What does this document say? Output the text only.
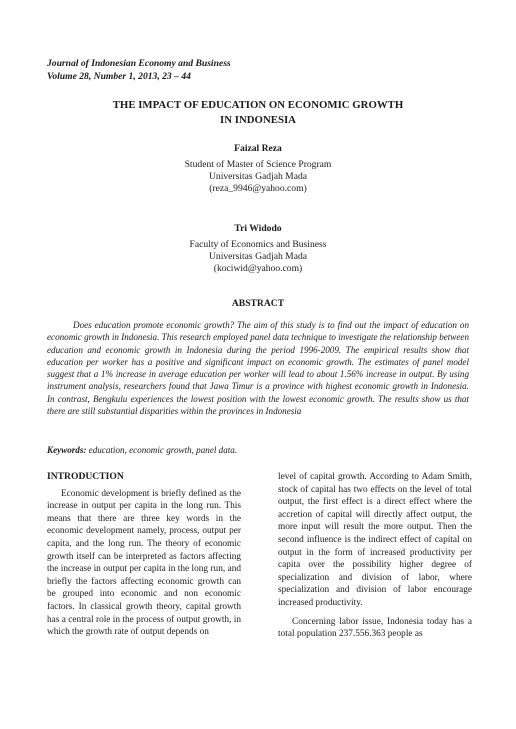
Journal of Indonesian Economy and Business
Volume 28, Number 1, 2013, 23 – 44
THE IMPACT OF EDUCATION ON ECONOMIC GROWTH
IN INDONESIA
Faizal Reza
Student of Master of Science Program
Universitas Gadjah Mada
(reza_9946@yahoo.com)
Tri Widodo
Faculty of Economics and Business
Universitas Gadjah Mada
(kociwid@yahoo.com)
ABSTRACT

Does education promote economic growth? The aim of this study is to find out the impact of education on economic growth in Indonesia. This research employed panel data technique to investigate the relationship between education and economic growth in Indonesia during the period 1996-2009. The empirical results show that education per worker has a positive and significant impact on economic growth. The estimates of panel model suggest that a 1% increase in average education per worker will lead to about 1.56% increase in output. By using instrument analysis, researchers found that Jawa Timur is a province with highest economic growth in Indonesia. In contrast, Bengkulu experiences the lowest position with the lowest economic growth. The results show us that there are still substantial disparities within the provinces in Indonesia

Keywords: education, economic growth, panel data.
INTRODUCTION

Economic development is briefly defined as the increase in output per capita in the long run. This means that there are three key words in the economic development namely, process, output per capita, and the long run. The theory of economic growth itself can be interpreted as factors affecting the increase in output per capita in the long run, and briefly the factors affecting economic growth can be grouped into economic and non economic factors. In classical growth theory, capital growth has a central role in the process of output growth, in which the growth rate of output depends on

level of capital growth. According to Adam Smith, stock of capital has two effects on the level of total output, the first effect is a direct effect where the accretion of capital will directly affect output, the more input will result the more output. Then the second influence is the indirect effect of capital on output in the form of increased productivity per capita over the possibility higher degree of specialization and division of labor, where specialization and division of labor encourage increased productivity.

Concerning labor issue, Indonesia today has a total population 237.556.363 people as
